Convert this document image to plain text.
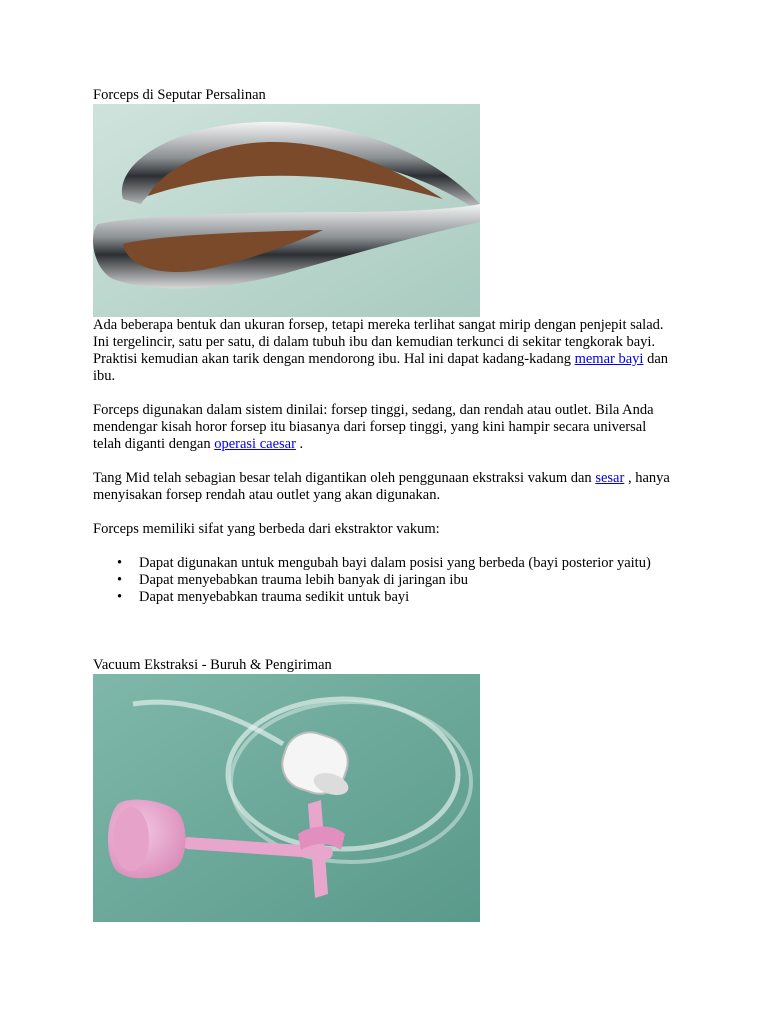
Forceps di Seputar Persalinan

Ada beberapa bentuk dan ukuran forsep, tetapi mereka terlihat sangat mirip dengan penjepit salad. Ini tergelincir, satu per satu, di dalam tubuh ibu dan kemudian terkunci di sekitar tengkorak bayi. Praktisi kemudian akan tarik dengan mendorong ibu. Hal ini dapat kadang-kadang memar bayi dan ibu.

Forceps digunakan dalam sistem dinilai: forsep tinggi, sedang, dan rendah atau outlet. Bila Anda mendengar kisah horor forsep itu biasanya dari forsep tinggi, yang kini hampir secara universal telah diganti dengan operasi caesar .

Tang Mid telah sebagian besar telah digantikan oleh penggunaan ekstraksi vakum dan sesar , hanya menyisakan forsep rendah atau outlet yang akan digunakan.

Forceps memiliki sifat yang berbeda dari ekstraktor vakum:

• Dapat digunakan untuk mengubah bayi dalam posisi yang berbeda (bayi posterior yaitu)
• Dapat menyebabkan trauma lebih banyak di jaringan ibu
• Dapat menyebabkan trauma sedikit untuk bayi

Vacuum Ekstraksi - Buruh & Pengiriman
